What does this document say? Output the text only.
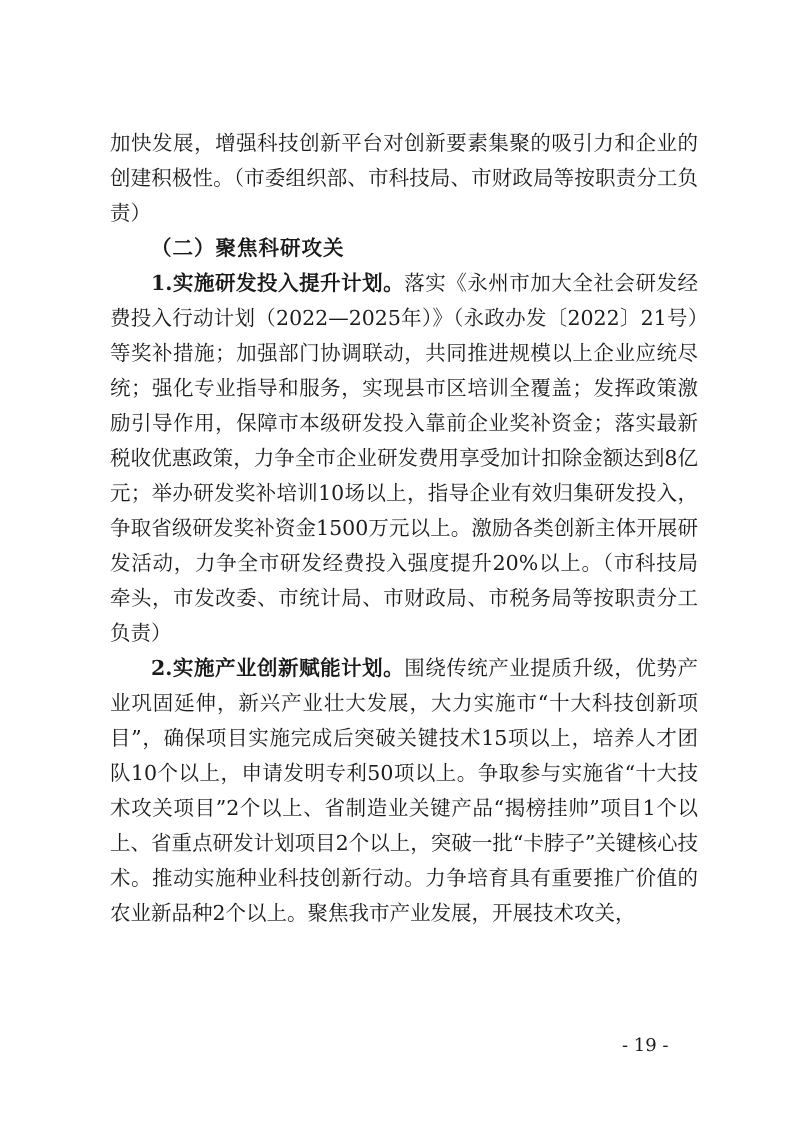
加快发展，增强科技创新平台对创新要素集聚的吸引力和企业的创建积极性。（市委组织部、市科技局、市财政局等按职责分工负责）

（二）聚焦科研攻关

1.实施研发投入提升计划。落实《永州市加大全社会研发经费投入行动计划（2022—2025年）》（永政办发〔2022〕21号）等奖补措施；加强部门协调联动，共同推进规模以上企业应统尽统；强化专业指导和服务，实现县市区培训全覆盖；发挥政策激励引导作用，保障市本级研发投入靠前企业奖补资金；落实最新税收优惠政策，力争全市企业研发费用享受加计扣除金额达到8亿元；举办研发奖补培训10场以上，指导企业有效归集研发投入，争取省级研发奖补资金1500万元以上。激励各类创新主体开展研发活动，力争全市研发经费投入强度提升20%以上。（市科技局牵头，市发改委、市统计局、市财政局、市税务局等按职责分工负责）

2.实施产业创新赋能计划。围绕传统产业提质升级，优势产业巩固延伸，新兴产业壮大发展，大力实施市“十大科技创新项目”，确保项目实施完成后突破关键技术15项以上，培养人才团队10个以上，申请发明专利50项以上。争取参与实施省“十大技术攻关项目”2个以上、省制造业关键产品“揭榜挂帅”项目1个以上、省重点研发计划项目2个以上，突破一批“卡脖子”关键核心技术。推动实施种业科技创新行动。力争培育具有重要推广价值的农业新品种2个以上。聚焦我市产业发展，开展技术攻关，

- 19 -
